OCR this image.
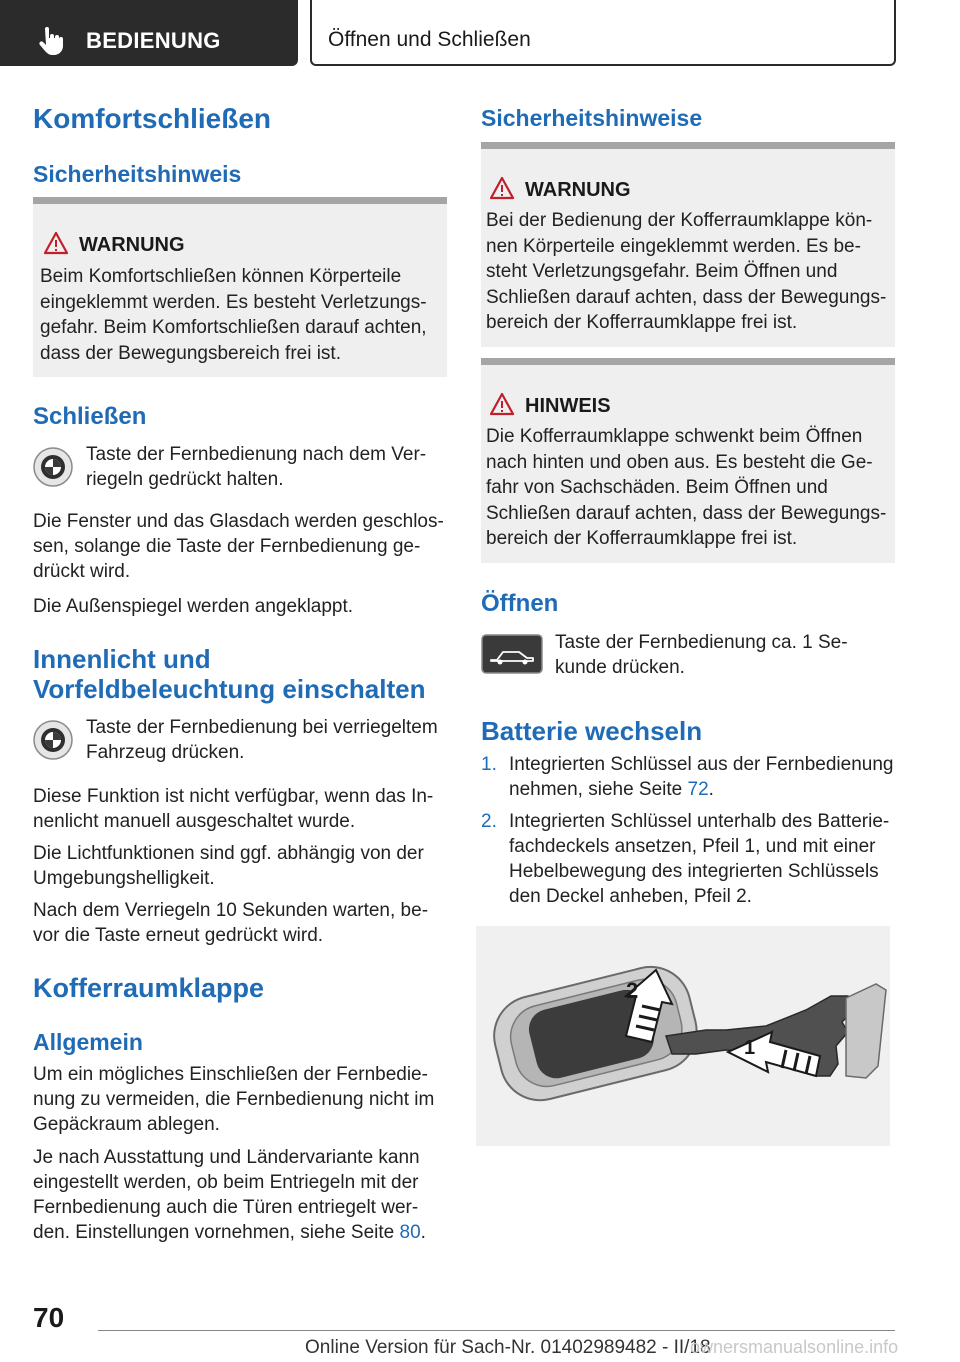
BEDIENUNG	Öffnen und Schließen
Komfortschließen
Sicherheitshinweis
WARNUNG
Beim Komfortschließen können Körperteile
eingeklemmt werden. Es besteht Verletzungs-
gefahr. Beim Komfortschließen darauf achten,
dass der Bewegungsbereich frei ist.
Schließen
Taste der Fernbedienung nach dem Ver-
riegeln gedrückt halten.
Die Fenster und das Glasdach werden geschlos-
sen, solange die Taste der Fernbedienung ge-
drückt wird.
Die Außenspiegel werden angeklappt.
Innenlicht und
Vorfeldbeleuchtung einschalten
Taste der Fernbedienung bei verriegeltem
Fahrzeug drücken.
Diese Funktion ist nicht verfügbar, wenn das In-
nenlicht manuell ausgeschaltet wurde.
Die Lichtfunktionen sind ggf. abhängig von der
Umgebungshelligkeit.
Nach dem Verriegeln 10 Sekunden warten, be-
vor die Taste erneut gedrückt wird.
Kofferraumklappe
Allgemein
Um ein mögliches Einschließen der Fernbedie-
nung zu vermeiden, die Fernbedienung nicht im
Gepäckraum ablegen.
Je nach Ausstattung und Ländervariante kann
eingestellt werden, ob beim Entriegeln mit der
Fernbedienung auch die Türen entriegelt wer-
den. Einstellungen vornehmen, siehe Seite 80.
Sicherheitshinweise
WARNUNG
Bei der Bedienung der Kofferraumklappe kön-
nen Körperteile eingeklemmt werden. Es be-
steht Verletzungsgefahr. Beim Öffnen und
Schließen darauf achten, dass der Bewegungs-
bereich der Kofferraumklappe frei ist.
HINWEIS
Die Kofferraumklappe schwenkt beim Öffnen
nach hinten und oben aus. Es besteht die Ge-
fahr von Sachschäden. Beim Öffnen und
Schließen darauf achten, dass der Bewegungs-
bereich der Kofferraumklappe frei ist.
Öffnen
Taste der Fernbedienung ca. 1 Se-
kunde drücken.
Batterie wechseln
1. Integrierten Schlüssel aus der Fernbedienung
nehmen, siehe Seite 72.
2. Integrierten Schlüssel unterhalb des Batterie-
fachdeckels ansetzen, Pfeil 1, und mit einer
Hebelbewegung des integrierten Schlüssels
den Deckel anheben, Pfeil 2.
2
1
70
Online Version für Sach-Nr. 01402989482 - II/18
ownersmanualsonline.info
